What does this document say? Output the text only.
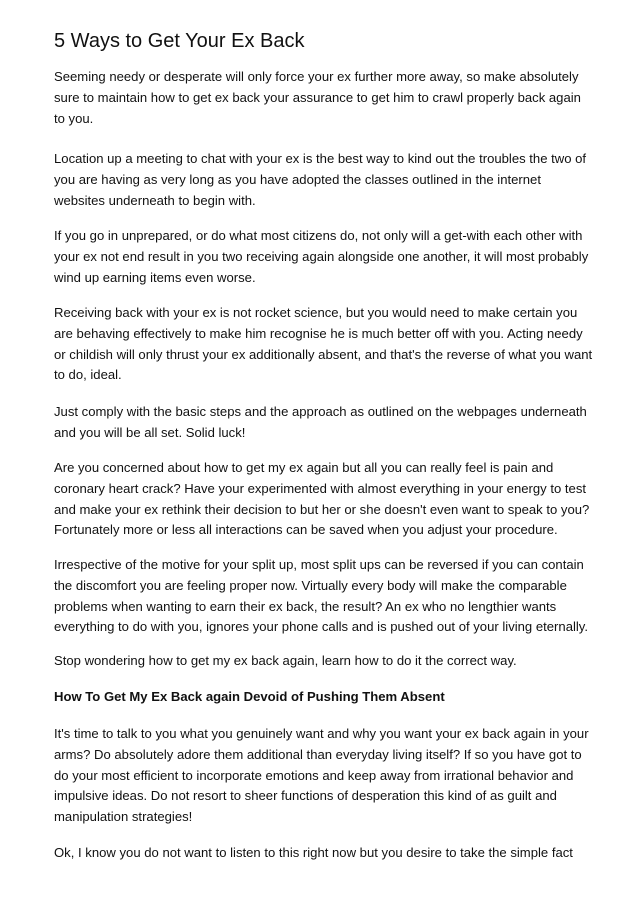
5 Ways to Get Your Ex Back

Seeming needy or desperate will only force your ex further more away, so make absolutely
sure to maintain how to get ex back your assurance to get him to crawl properly back again
to you.

Location up a meeting to chat with your ex is the best way to kind out the troubles the two of
you are having as very long as you have adopted the classes outlined in the internet
websites underneath to begin with.

If you go in unprepared, or do what most citizens do, not only will a get-with each other with
your ex not end result in you two receiving again alongside one another, it will most probably
wind up earning items even worse.

Receiving back with your ex is not rocket science, but you would need to make certain you
are behaving effectively to make him recognise he is much better off with you. Acting needy
or childish will only thrust your ex additionally absent, and that's the reverse of what you want
to do, ideal.

Just comply with the basic steps and the approach as outlined on the webpages underneath
and you will be all set. Solid luck!

Are you concerned about how to get my ex again but all you can really feel is pain and
coronary heart crack? Have your experimented with almost everything in your energy to test
and make your ex rethink their decision to but her or she doesn't even want to speak to you?
Fortunately more or less all interactions can be saved when you adjust your procedure.

Irrespective of the motive for your split up, most split ups can be reversed if you can contain
the discomfort you are feeling proper now. Virtually every body will make the comparable
problems when wanting to earn their ex back, the result? An ex who no lengthier wants
everything to do with you, ignores your phone calls and is pushed out of your living eternally.

Stop wondering how to get my ex back again, learn how to do it the correct way.

How To Get My Ex Back again Devoid of Pushing Them Absent

It's time to talk to you what you genuinely want and why you want your ex back again in your
arms? Do absolutely adore them additional than everyday living itself? If so you have got to
do your most efficient to incorporate emotions and keep away from irrational behavior and
impulsive ideas. Do not resort to sheer functions of desperation this kind of as guilt and
manipulation strategies!

Ok, I know you do not want to listen to this right now but you desire to take the simple fact
